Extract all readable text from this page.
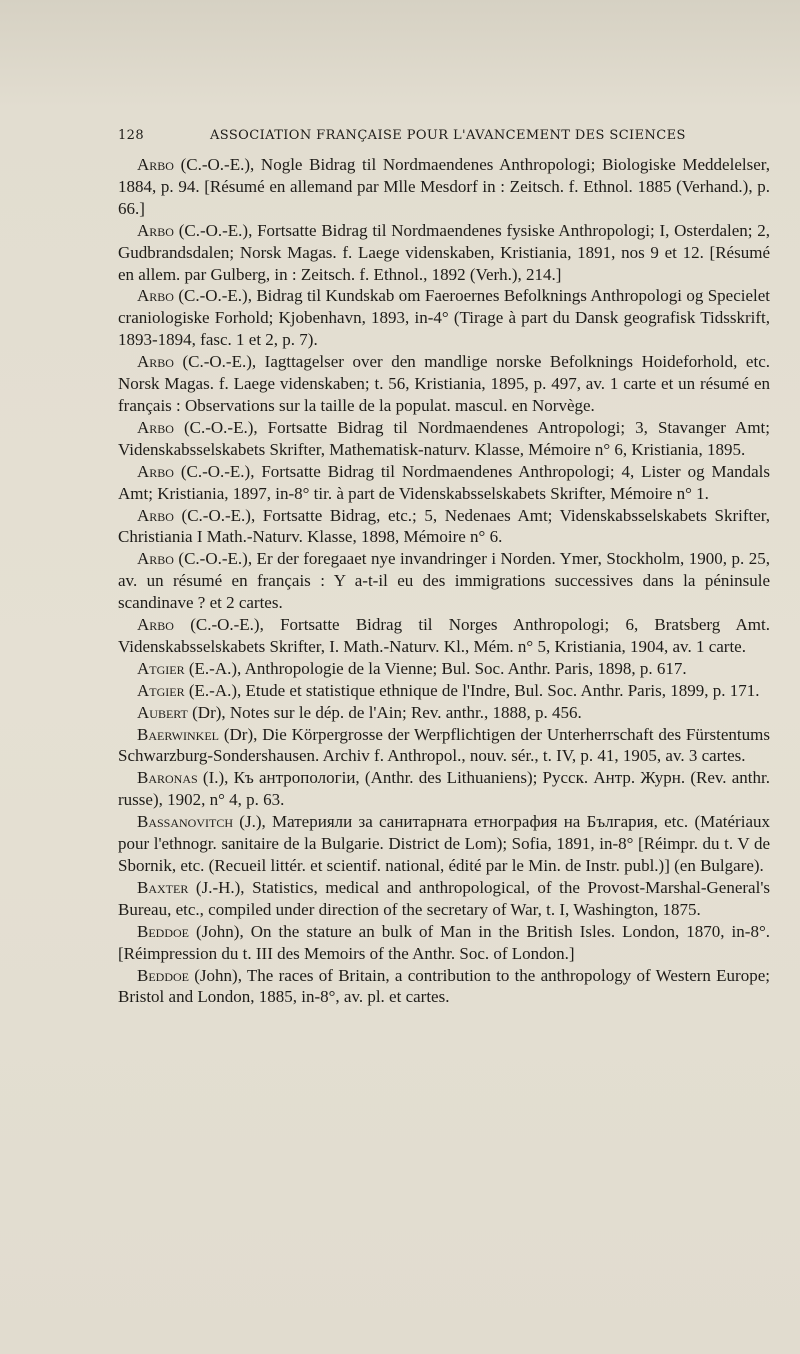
128	ASSOCIATION FRANÇAISE POUR L'AVANCEMENT DES SCIENCES

Arbo (C.-O.-E.), Nogle Bidrag til Nordmaendenes Anthropologi; Biologiske Meddelelser, 1884, p. 94. [Résumé en allemand par Mlle Mesdorf in : Zeitsch. f. Ethnol. 1885 (Verhand.), p. 66.]

Arbo (C.-O.-E.), Fortsatte Bidrag til Nordmaendenes fysiske Anthropologi; I, Osterdalen; 2, Gudbrandsdalen; Norsk Magas. f. Laege videnskaben, Kristiania, 1891, nos 9 et 12. [Résumé en allem. par Gulberg, in : Zeitsch. f. Ethnol., 1892 (Verh.), 214.]

Arbo (C.-O.-E.), Bidrag til Kundskab om Faeroernes Befolknings Anthropologi og Specielet craniologiske Forhold; Kjobenhavn, 1893, in-4° (Tirage à part du Dansk geografisk Tidsskrift, 1893-1894, fasc. 1 et 2, p. 7).

Arbo (C.-O.-E.), Iagttagelser over den mandlige norske Befolknings Hoideforhold, etc. Norsk Magas. f. Laege videnskaben; t. 56, Kristiania, 1895, p. 497, av. 1 carte et un résumé en français : Observations sur la taille de la populat. mascul. en Norvège.

Arbo (C.-O.-E.), Fortsatte Bidrag til Nordmaendenes Antropologi; 3, Stavanger Amt; Videnskabsselskabets Skrifter, Mathematisk-naturv. Klasse, Mémoire n° 6, Kristiania, 1895.

Arbo (C.-O.-E.), Fortsatte Bidrag til Nordmaendenes Anthropologi; 4, Lister og Mandals Amt; Kristiania, 1897, in-8° tir. à part de Videnskabsselskabets Skrifter, Mémoire n° 1.

Arbo (C.-O.-E.), Fortsatte Bidrag, etc.; 5, Nedenaes Amt; Videnskabsselskabets Skrifter, Christiania I Math.-Naturv. Klasse, 1898, Mémoire n° 6.

Arbo (C.-O.-E.), Er der foregaaet nye invandringer i Norden. Ymer, Stockholm, 1900, p. 25, av. un résumé en français : Y a-t-il eu des immigrations successives dans la péninsule scandinave ? et 2 cartes.

Arbo (C.-O.-E.), Fortsatte Bidrag til Norges Anthropologi; 6, Bratsberg Amt. Videnskabsselskabets Skrifter, I. Math.-Naturv. Kl., Mém. n° 5, Kristiania, 1904, av. 1 carte.

Atgier (E.-A.), Anthropologie de la Vienne; Bul. Soc. Anthr. Paris, 1898, p. 617.

Atgier (E.-A.), Etude et statistique ethnique de l'Indre, Bul. Soc. Anthr. Paris, 1899, p. 171.

Aubert (Dr), Notes sur le dép. de l'Ain; Rev. anthr., 1888, p. 456.

Baerwinkel (Dr), Die Körpergrosse der Werpflichtigen der Unterherrschaft des Fürstentums Schwarzburg-Sondershausen. Archiv f. Anthropol., nouv. sér., t. IV, p. 41, 1905, av. 3 cartes.

Baronas (I.), Къ антропологіи, (Anthr. des Lithuaniens); Русск. Антр. Журн. (Rev. anthr. russe), 1902, n° 4, p. 63.

Bassanovitch (J.), Материяли за санитарната етнография на България, etc. (Matériaux pour l'ethnogr. sanitaire de la Bulgarie. District de Lom); Sofia, 1891, in-8° [Réimpr. du t. V de Sbornik, etc. (Recueil littér. et scientif. national, édité par le Min. de Instr. publ.)] (en Bulgare).

Baxter (J.-H.), Statistics, medical and anthropological, of the Provost-Marshal-General's Bureau, etc., compiled under direction of the secretary of War, t. I, Washington, 1875.

Beddoe (John), On the stature an bulk of Man in the British Isles. London, 1870, in-8°. [Réimpression du t. III des Memoirs of the Anthr. Soc. of London.]

Beddoe (John), The races of Britain, a contribution to the anthropology of Western Europe; Bristol and London, 1885, in-8°, av. pl. et cartes.
